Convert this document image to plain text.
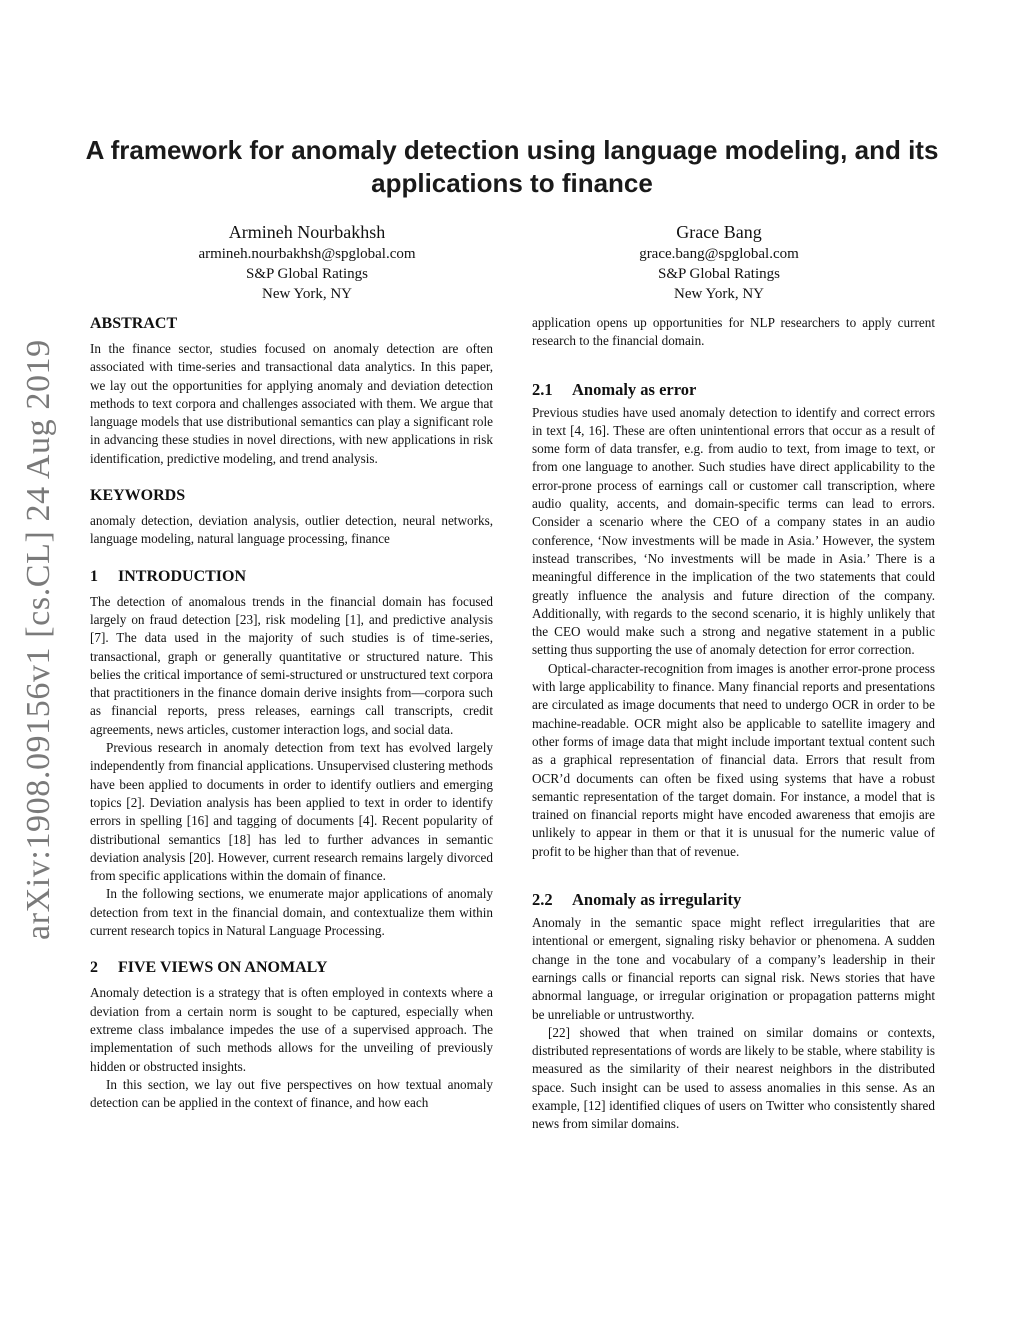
arXiv:1908.09156v1 [cs.CL] 24 Aug 2019
A framework for anomaly detection using language modeling, and its applications to finance
Armineh Nourbakhsh
armineh.nourbakhsh@spglobal.com
S&P Global Ratings
New York, NY
Grace Bang
grace.bang@spglobal.com
S&P Global Ratings
New York, NY
ABSTRACT

In the finance sector, studies focused on anomaly detection are often associated with time-series and transactional data analytics. In this paper, we lay out the opportunities for applying anomaly and deviation detection methods to text corpora and challenges associated with them. We argue that language models that use distributional semantics can play a significant role in advancing these studies in novel directions, with new applications in risk identification, predictive modeling, and trend analysis.

KEYWORDS

anomaly detection, deviation analysis, outlier detection, neural networks, language modeling, natural language processing, finance

1 INTRODUCTION

The detection of anomalous trends in the financial domain has focused largely on fraud detection [23], risk modeling [1], and predictive analysis [7]. The data used in the majority of such studies is of time-series, transactional, graph or generally quantitative or structured nature. This belies the critical importance of semi-structured or unstructured text corpora that practitioners in the finance domain derive insights from—corpora such as financial reports, press releases, earnings call transcripts, credit agreements, news articles, customer interaction logs, and social data.

Previous research in anomaly detection from text has evolved largely independently from financial applications. Unsupervised clustering methods have been applied to documents in order to identify outliers and emerging topics [2]. Deviation analysis has been applied to text in order to identify errors in spelling [16] and tagging of documents [4]. Recent popularity of distributional semantics [18] has led to further advances in semantic deviation analysis [20]. However, current research remains largely divorced from specific applications within the domain of finance.

In the following sections, we enumerate major applications of anomaly detection from text in the financial domain, and contextualize them within current research topics in Natural Language Processing.

2 FIVE VIEWS ON ANOMALY

Anomaly detection is a strategy that is often employed in contexts where a deviation from a certain norm is sought to be captured, especially when extreme class imbalance impedes the use of a supervised approach. The implementation of such methods allows for the unveiling of previously hidden or obstructed insights.

In this section, we lay out five perspectives on how textual anomaly detection can be applied in the context of finance, and how each

application opens up opportunities for NLP researchers to apply current research to the financial domain.

2.1 Anomaly as error

Previous studies have used anomaly detection to identify and correct errors in text [4, 16]. These are often unintentional errors that occur as a result of some form of data transfer, e.g. from audio to text, from image to text, or from one language to another. Such studies have direct applicability to the error-prone process of earnings call or customer call transcription, where audio quality, accents, and domain-specific terms can lead to errors. Consider a scenario where the CEO of a company states in an audio conference, ‘Now investments will be made in Asia.’ However, the system instead transcribes, ‘No investments will be made in Asia.’ There is a meaningful difference in the implication of the two statements that could greatly influence the analysis and future direction of the company. Additionally, with regards to the second scenario, it is highly unlikely that the CEO would make such a strong and negative statement in a public setting thus supporting the use of anomaly detection for error correction.

Optical-character-recognition from images is another error-prone process with large applicability to finance. Many financial reports and presentations are circulated as image documents that need to undergo OCR in order to be machine-readable. OCR might also be applicable to satellite imagery and other forms of image data that might include important textual content such as a graphical representation of financial data. Errors that result from OCR’d documents can often be fixed using systems that have a robust semantic representation of the target domain. For instance, a model that is trained on financial reports might have encoded awareness that emojis are unlikely to appear in them or that it is unusual for the numeric value of profit to be higher than that of revenue.

2.2 Anomaly as irregularity

Anomaly in the semantic space might reflect irregularities that are intentional or emergent, signaling risky behavior or phenomena. A sudden change in the tone and vocabulary of a company’s leadership in their earnings calls or financial reports can signal risk. News stories that have abnormal language, or irregular origination or propagation patterns might be unreliable or untrustworthy.

[22] showed that when trained on similar domains or contexts, distributed representations of words are likely to be stable, where stability is measured as the similarity of their nearest neighbors in the distributed space. Such insight can be used to assess anomalies in this sense. As an example, [12] identified cliques of users on Twitter who consistently shared news from similar domains.
